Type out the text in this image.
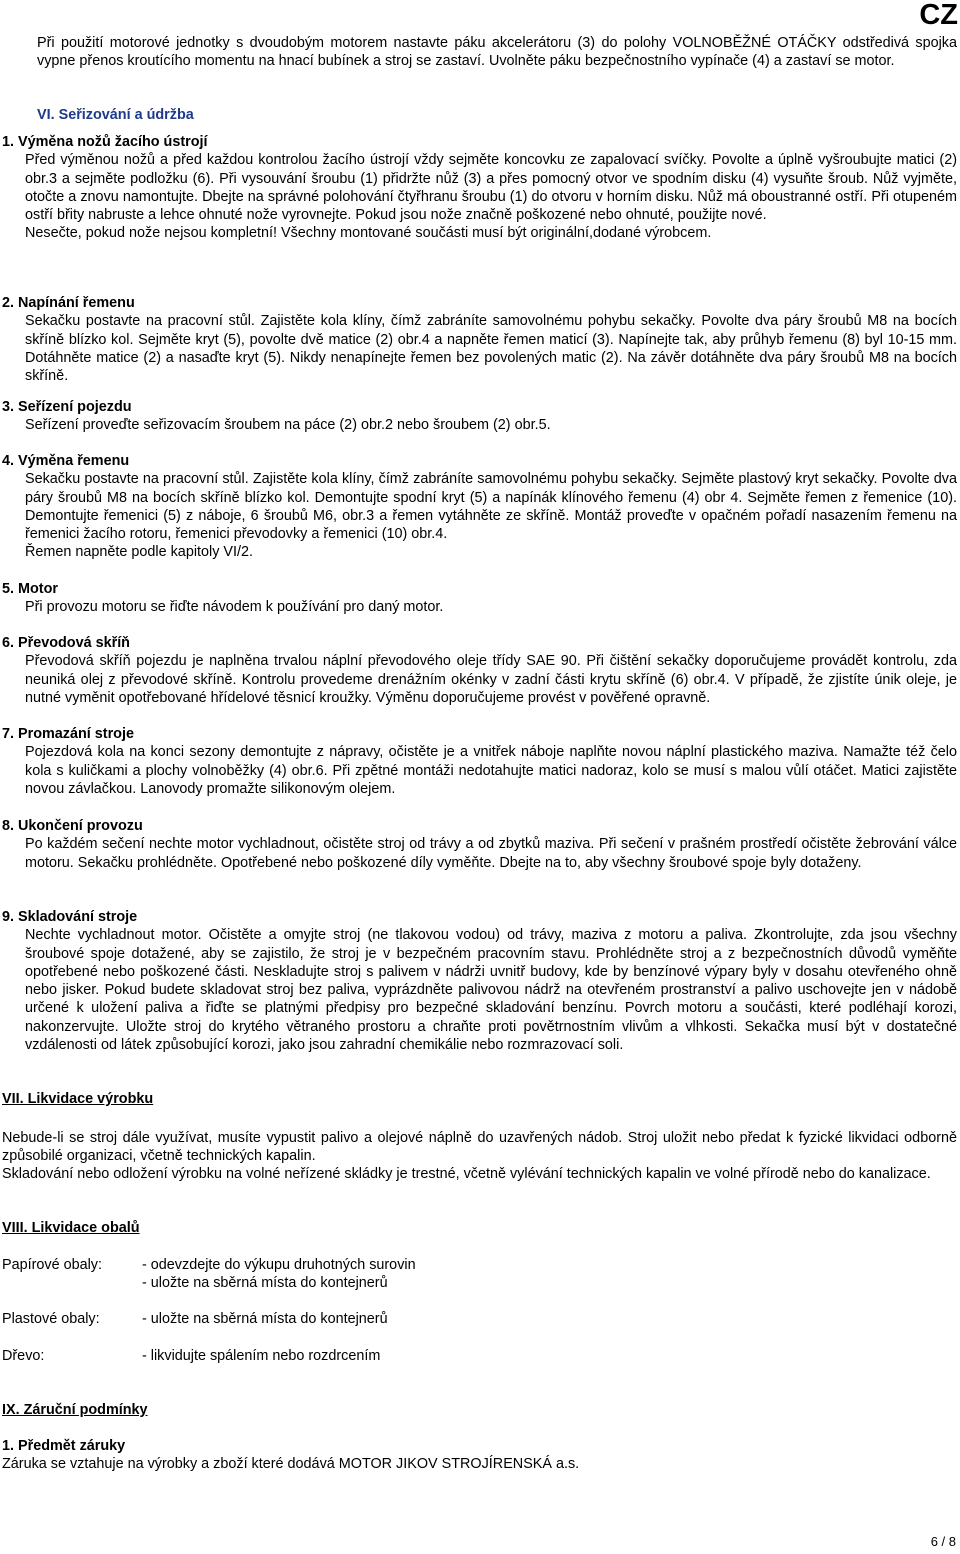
CZ
Při použití motorové jednotky s dvoudobým motorem nastavte páku akcelerátoru (3) do polohy VOLNOBĚŽNÉ OTÁČKY odstředivá spojka vypne přenos kroutícího momentu na hnací bubínek a stroj se zastaví. Uvolněte páku bezpečnostního vypínače (4) a zastaví se motor.
VI. Seřizování a údržba
1. Výměna nožů žacího ústrojí
Před výměnou nožů a před každou kontrolou žacího ústrojí vždy sejměte koncovku ze zapalovací svíčky. Povolte a úplně vyšroubujte matici (2) obr.3 a sejměte podložku (6). Při vysouvání šroubu (1) přidržte nůž (3) a přes pomocný otvor ve spodním disku (4) vysuňte šroub. Nůž vyjměte, otočte a znovu namontujte. Dbejte na správné polohování čtyřhranu šroubu (1) do otvoru v horním disku. Nůž má oboustranné ostří. Při otupeném ostří břity nabruste a lehce ohnuté nože vyrovnejte. Pokud jsou nože značně poškozené nebo ohnuté, použijte nové.
Nesečte, pokud nože nejsou kompletní! Všechny montované součásti musí být originální,dodané výrobcem.
2. Napínání řemenu
Sekačku postavte na pracovní stůl. Zajistěte kola klíny, čímž zabráníte samovolnému pohybu sekačky. Povolte dva páry šroubů M8 na bocích skříně blízko kol. Sejměte kryt (5), povolte dvě matice (2) obr.4 a napněte řemen maticí (3). Napínejte tak, aby průhyb řemenu (8) byl 10-15 mm. Dotáhněte matice (2) a nasaďte kryt (5). Nikdy nenapínejte řemen bez povolených matic (2). Na závěr dotáhněte dva páry šroubů M8 na bocích skříně.
3. Seřízení pojezdu
Seřízení proveďte seřizovacím šroubem na páce (2) obr.2 nebo šroubem (2) obr.5.
4. Výměna řemenu
Sekačku postavte na pracovní stůl. Zajistěte kola klíny, čímž zabráníte samovolnému pohybu sekačky. Sejměte plastový kryt sekačky. Povolte dva páry šroubů M8 na bocích skříně blízko kol. Demontujte spodní kryt (5) a napínák klínového řemenu (4) obr 4. Sejměte řemen z řemenice (10). Demontujte řemenici (5) z náboje, 6 šroubů M6, obr.3 a řemen vytáhněte ze skříně. Montáž proveďte v opačném pořadí nasazením řemenu na řemenici žacího rotoru, řemenici převodovky a řemenici (10) obr.4.
Řemen napněte podle kapitoly VI/2.
5. Motor
Při provozu motoru se řiďte návodem k používání pro daný motor.
6. Převodová skříň
Převodová skříň pojezdu je naplněna trvalou náplní převodového oleje třídy SAE 90. Při čištění sekačky doporučujeme provádět kontrolu, zda neuniká olej z převodové skříně. Kontrolu provedeme drenážním okénky v zadní části krytu skříně (6) obr.4. V případě, že zjistíte únik oleje, je nutné vyměnit opotřebované hřídelové těsnicí kroužky. Výměnu doporučujeme provést v pověřené opravně.
7. Promazání stroje
Pojezdová kola na konci sezony demontujte z nápravy, očistěte je a vnitřek náboje naplňte novou náplní plastického maziva. Namažte též čelo kola s kuličkami a plochy volnoběžky (4) obr.6. Při zpětné montáži nedotahujte matici nadoraz, kolo se musí s malou vůlí otáčet. Matici zajistěte novou závlačkou. Lanovody promažte silikonovým olejem.
8. Ukončení provozu
Po každém sečení nechte motor vychladnout, očistěte stroj od trávy a od zbytků maziva. Při sečení v prašném prostředí očistěte žebrování válce motoru. Sekačku prohlédněte. Opotřebené nebo poškozené díly vyměňte. Dbejte na to, aby všechny šroubové spoje byly dotaženy.
9. Skladování stroje
Nechte vychladnout motor. Očistěte a omyjte stroj (ne tlakovou vodou) od trávy, maziva z motoru a paliva. Zkontrolujte, zda jsou všechny šroubové spoje dotažené, aby se zajistilo, že stroj je v bezpečném pracovním stavu. Prohlédněte stroj a z bezpečnostních důvodů vyměňte opotřebené nebo poškozené části. Neskladujte stroj s palivem v nádrži uvnitř budovy, kde by benzínové výpary byly v dosahu otevřeného ohně nebo jisker. Pokud budete skladovat stroj bez paliva, vyprázdněte palivovou nádrž na otevřeném prostranství a palivo uschovejte jen v nádobě určené k uložení paliva a řiďte se platnými předpisy pro bezpečné skladování benzínu. Povrch motoru a součásti, které podléhají korozi, nakonzervujte. Uložte stroj do krytého větraného prostoru a chraňte proti povětrnostním vlivům a vlhkosti. Sekačka musí být v dostatečné vzdálenosti od látek způsobující korozi, jako jsou zahradní chemikálie nebo rozmrazovací soli.
VII. Likvidace výrobku
Nebude-li se stroj dále využívat, musíte vypustit palivo a olejové náplně do uzavřených nádob. Stroj uložit nebo předat k fyzické likvidaci odborně způsobilé organizaci, včetně technických kapalin.
Skladování nebo odložení výrobku na volné neřízené skládky je trestné, včetně vylévání technických kapalin ve volné přírodě nebo do kanalizace.
VIII. Likvidace obalů
Papírové obaly:	- odevzdejte do výkupu druhotných surovin
- uložte na sběrná místa do kontejnerů
Plastové obaly:	- uložte na sběrná místa do kontejnerů
Dřevo:	- likvidujte spálením nebo rozdrcením
IX. Záruční podmínky
1. Předmět záruky
Záruka se vztahuje na výrobky a zboží které dodává MOTOR JIKOV STROJÍRENSKÁ a.s.
6 / 8
